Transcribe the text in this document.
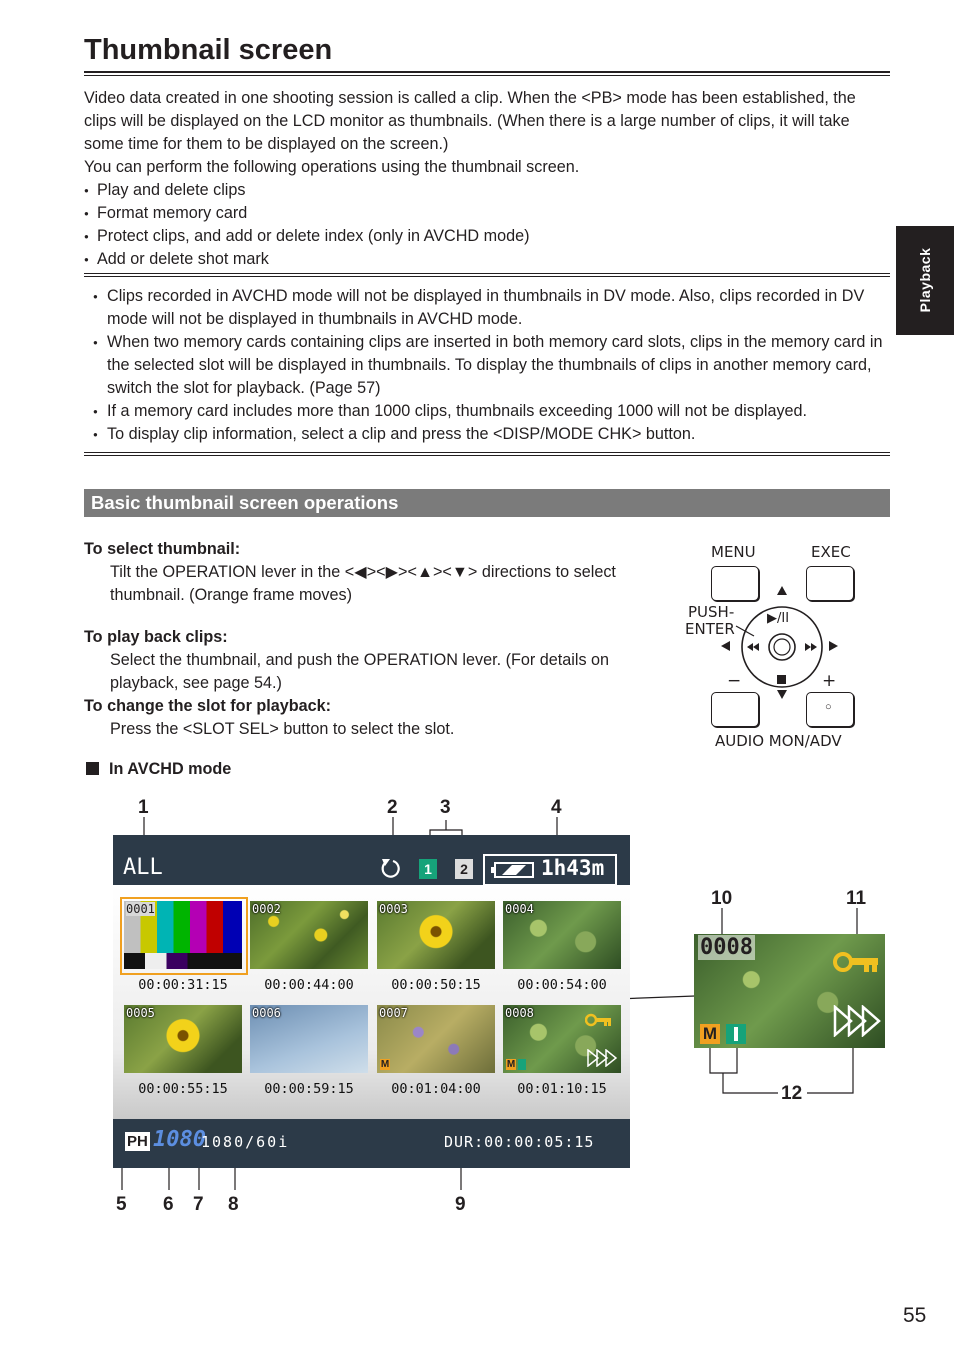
Thumbnail screen

Video data created in one shooting session is called a clip. When the <PB> mode has been established, the clips will be displayed on the LCD monitor as thumbnails. (When there is a large number of clips, it will take some time for them to be displayed on the screen.)

You can perform the following operations using the thumbnail screen.

● Play and delete clips
● Format memory card
● Protect clips, and add or delete index (only in AVCHD mode)
● Add or delete shot mark
● Clips recorded in AVCHD mode will not be displayed in thumbnails in DV mode. Also, clips recorded in DV mode will not be displayed in thumbnails in AVCHD mode.
● When two memory cards containing clips are inserted in both memory card slots, clips in the memory card in the selected slot will be displayed in thumbnails. To display the thumbnails of clips in another memory card, switch the slot for playback. (Page 57)
● If a memory card includes more than 1000 clips, thumbnails exceeding 1000 will not be displayed.
● To display clip information, select a clip and press the <DISP/MODE CHK> button.
Playback
Basic thumbnail screen operations
To select thumbnail:
Tilt the OPERATION lever in the <◀><▶><▲><▼> directions to select thumbnail. (Orange frame moves)
To play back clips:
Select the thumbnail, and push the OPERATION lever. (For details on playback, see page 54.)
To change the slot for playback:
Press the <SLOT SEL> button to select the slot.
MENU	EXEC
PUSH-
ENTER
▶/II
−	+
○
AUDIO MON/ADV
In AVCHD mode
1	2 3	4
5 6 7 8	9
10	11
12
ALL	1	2	1h43m
0001
00:00:31:15
0002
00:00:44:00
0003
00:00:50:15
0004
00:00:54:00
0005
00:00:55:15
0006
00:00:59:15
0007
M
00:01:04:00
0008
M
00:01:10:15
PH 1080
1080/60i	DUR:00:00:05:15
0008
M
55
